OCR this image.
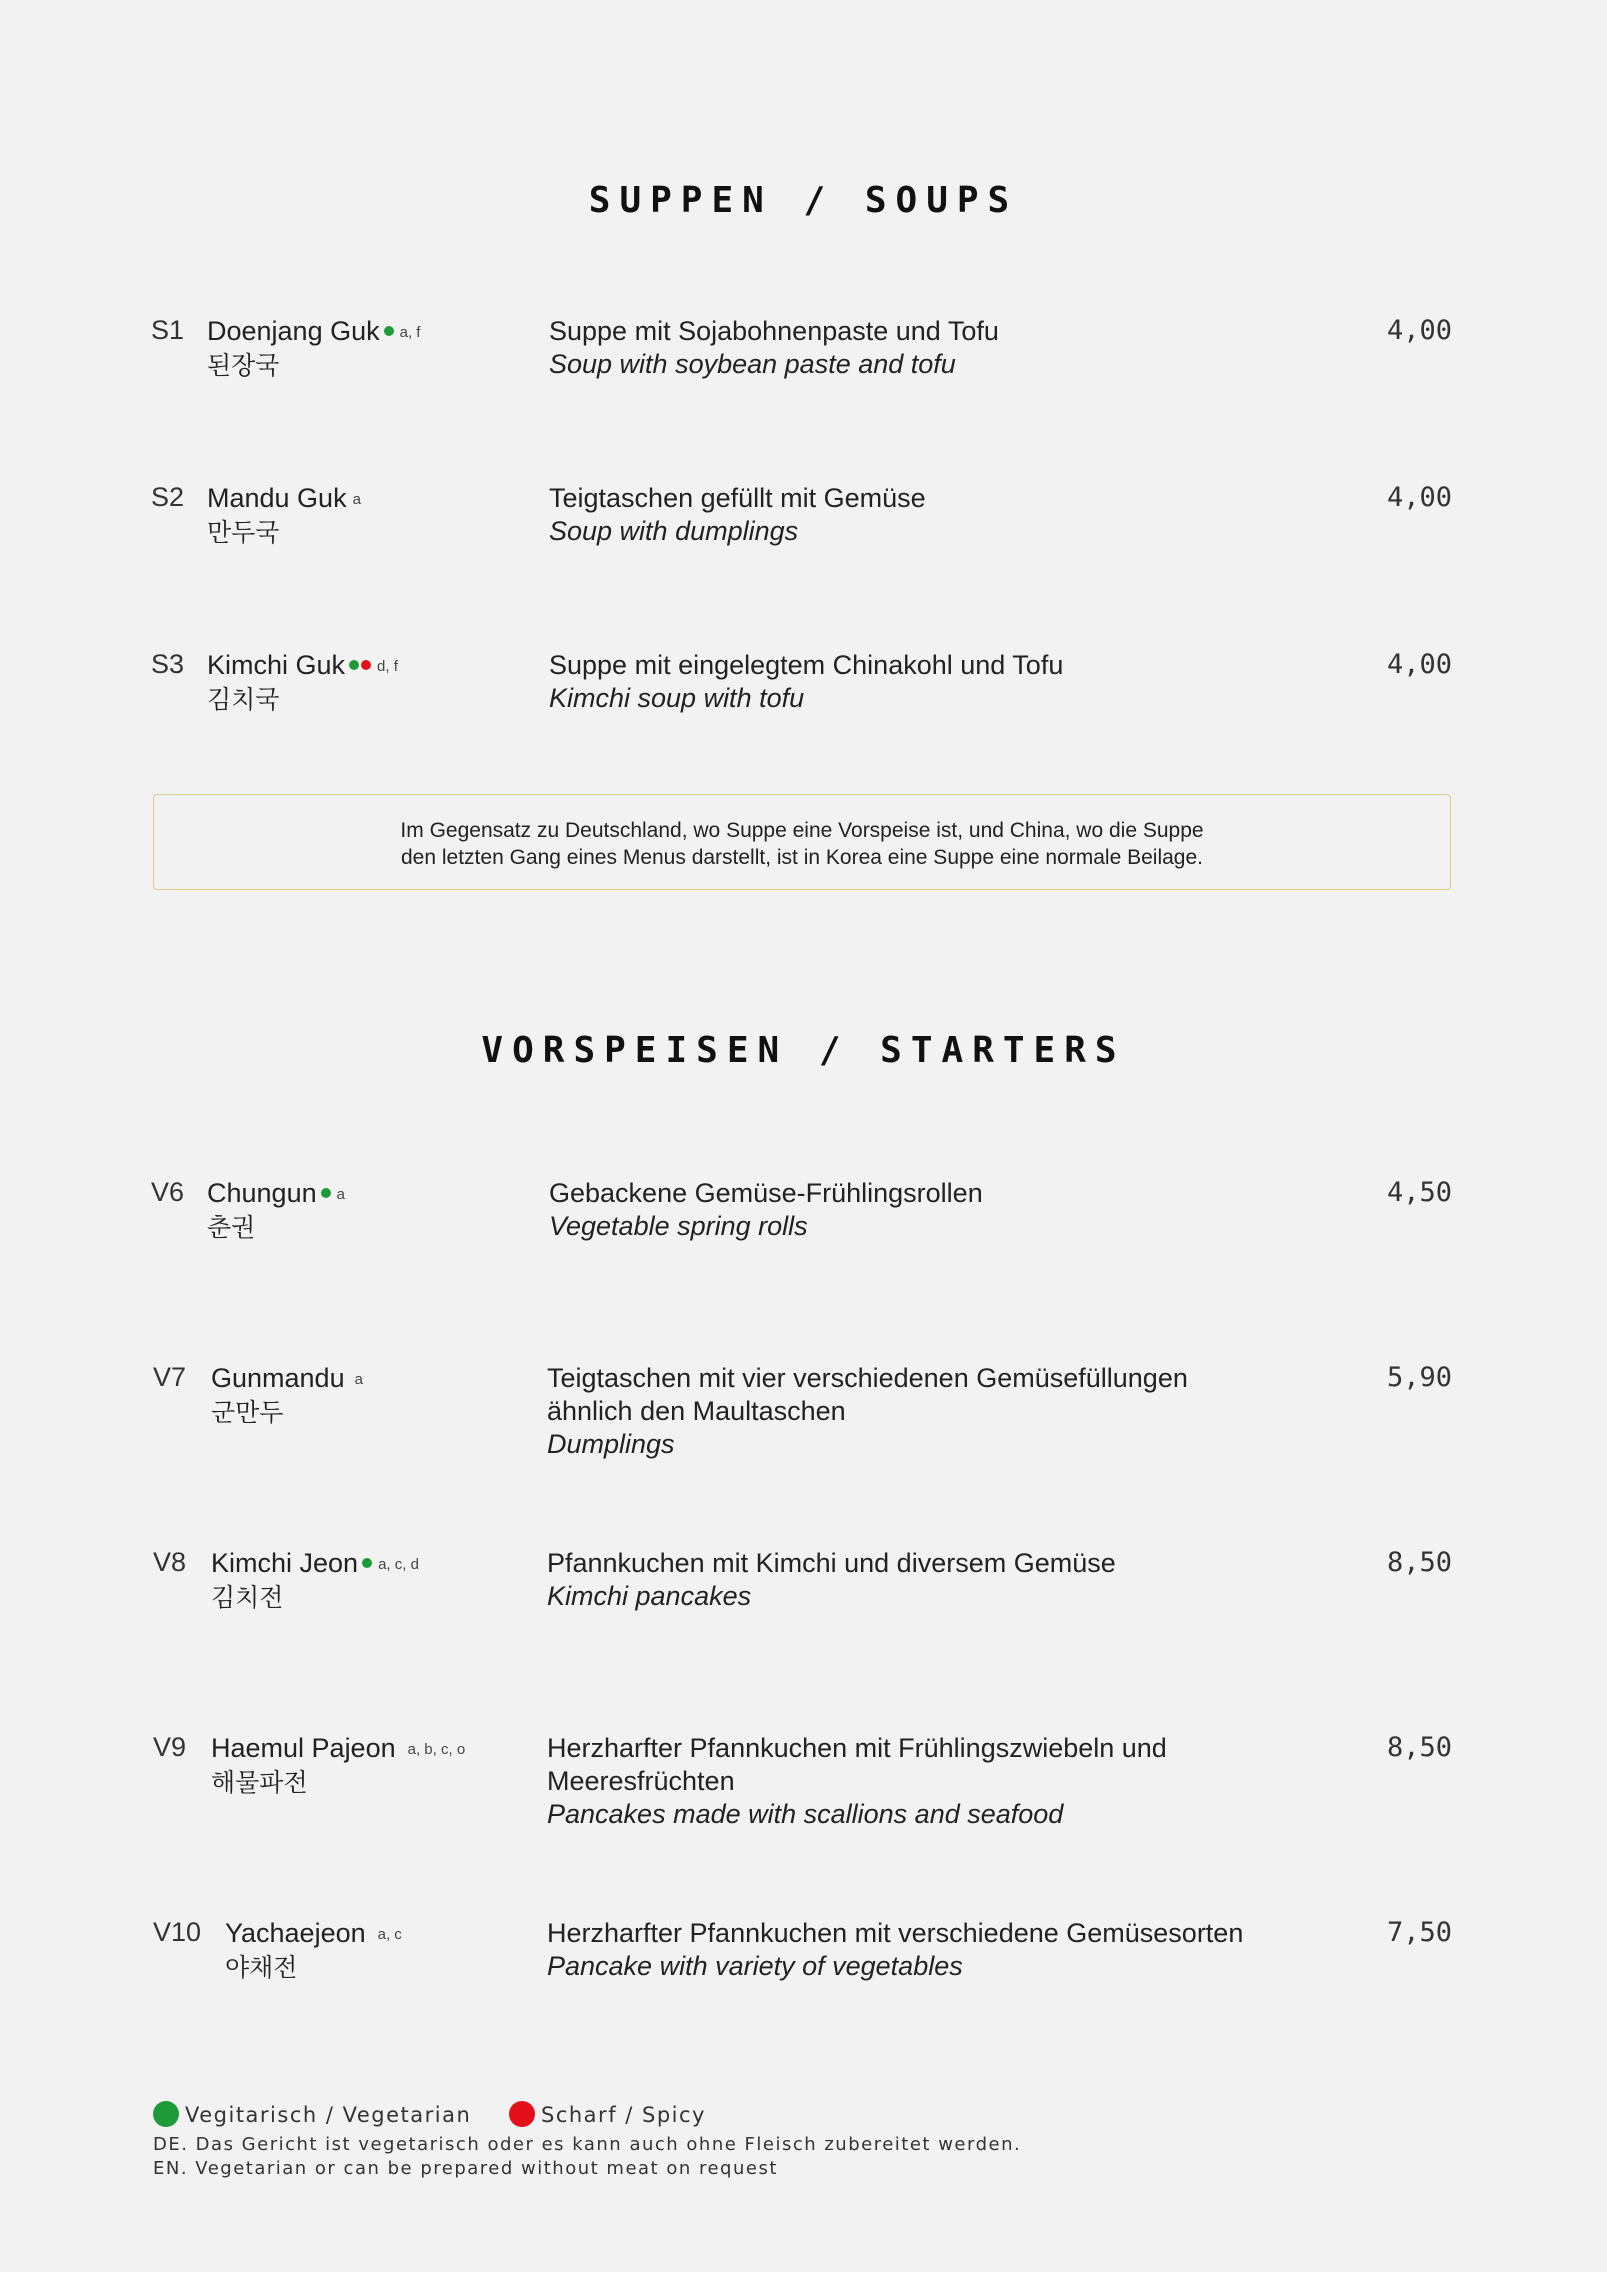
SUPPEN / SOUPS
S1 Doenjang Guk a, f
된장국
Suppe mit Sojabohnenpaste und Tofu
Soup with soybean paste and tofu
4,00
S2 Mandu Guk a
만두국
Teigtaschen gefüllt mit Gemüse
Soup with dumplings
4,00
S3 Kimchi Guk d, f
김치국
Suppe mit eingelegtem Chinakohl und Tofu
Kimchi soup with tofu
4,00
Im Gegensatz zu Deutschland, wo Suppe eine Vorspeise ist, und China, wo die Suppe
den letzten Gang eines Menus darstellt, ist in Korea eine Suppe eine normale Beilage.
VORSPEISEN / STARTERS
V6 Chungun a
춘권
Gebackene Gemüse-Frühlingsrollen
Vegetable spring rolls
4,50
V7 Gunmandu a
군만두
Teigtaschen mit vier verschiedenen Gemüsefüllungen
ähnlich den Maultaschen
Dumplings
5,90
V8 Kimchi Jeon a, c, d
김치전
Pfannkuchen mit Kimchi und diversem Gemüse
Kimchi pancakes
8,50
V9 Haemul Pajeon a, b, c, o
해물파전
Herzharfter Pfannkuchen mit Frühlingszwiebeln und Meeresfrüchten
Pancakes made with scallions and seafood
8,50
V10 Yachaejeon a, c
야채전
Herzharfter Pfannkuchen mit verschiedene Gemüsesorten
Pancake with variety of vegetables
7,50
Vegitarisch / Vegetarian	Scharf / Spicy
DE. Das Gericht ist vegetarisch oder es kann auch ohne Fleisch zubereitet werden.
EN. Vegetarian or can be prepared without meat on request
